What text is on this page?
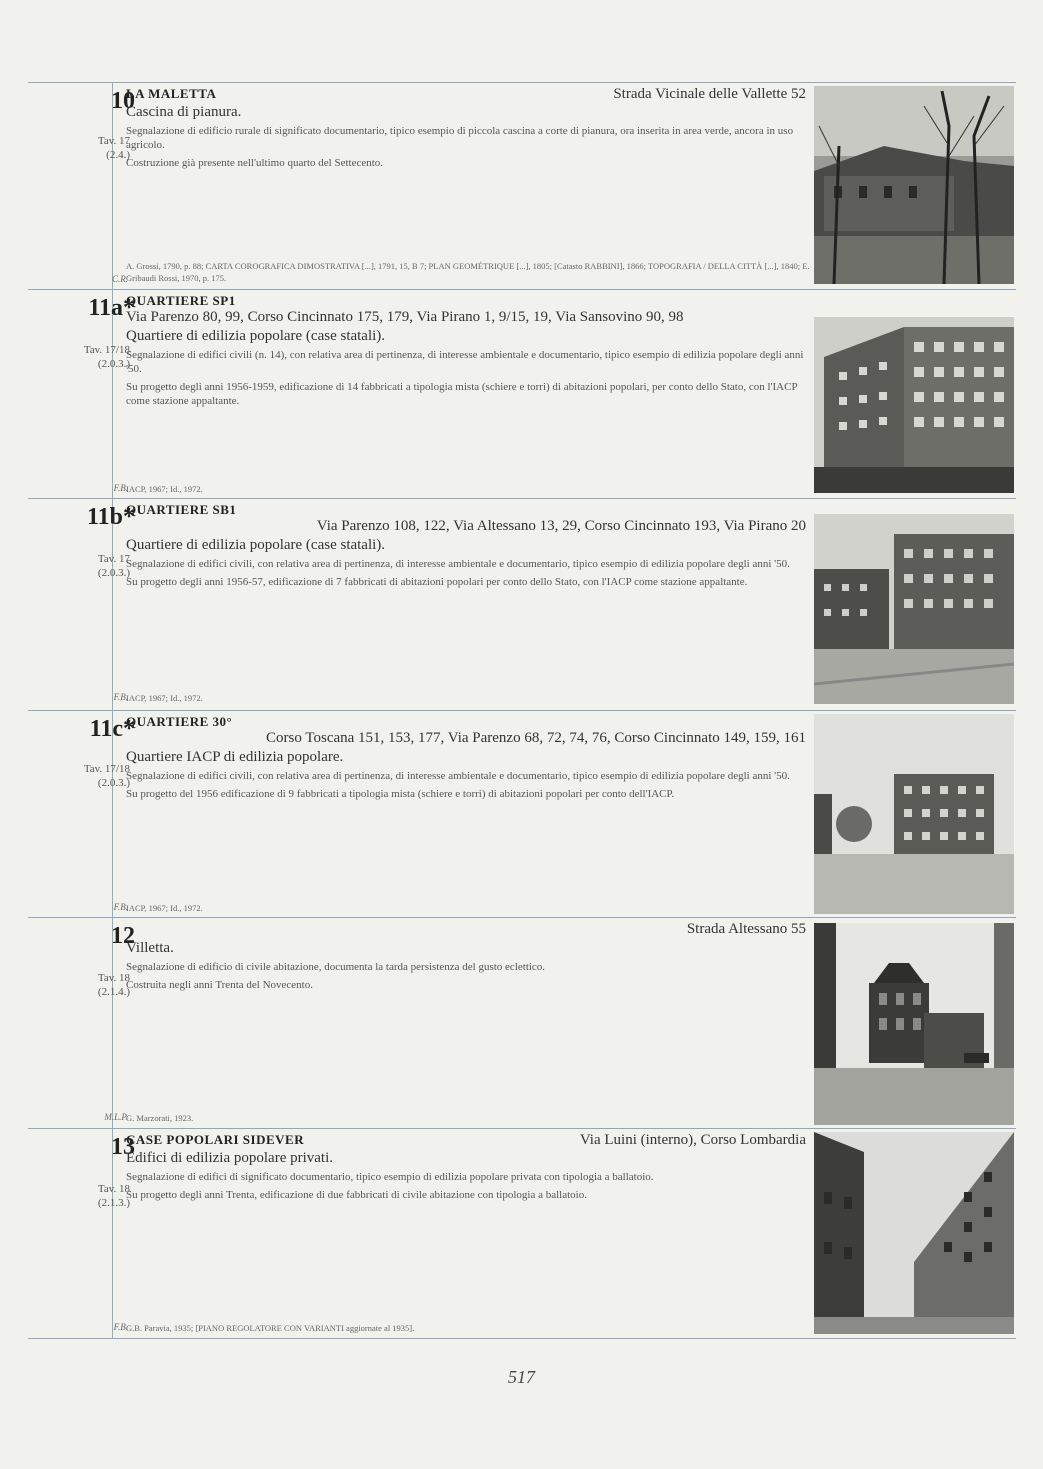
10
Tav. 17
(2.4.)
C.R.
LA MALETTA	Strada Vicinale delle Vallette 52
Cascina di pianura.

Segnalazione di edificio rurale di significato documentario, tipico esempio di piccola cascina a corte di pianura, ora inserita in area verde, ancora in uso agricolo.

Costruzione già presente nell'ultimo quarto del Settecento.

A. Grossi, 1790, p. 88; CARTA COROGRAFICA DIMOSTRATIVA [...], 1791, 15, B 7; PLAN GEOMÉTRIQUE [...], 1805; [Catasto RABBINI], 1866; TOPOGRAFIA / DELLA CITTÀ [...], 1840; E. Gribaudi Rossi, 1970, p. 175.
11a*
Tav. 17/18
(2.0.3.)
F.B.
QUARTIERE SP1
Via Parenzo 80, 99, Corso Cincinnato 175, 179, Via Pirano 1, 9/15, 19, Via Sansovino 90, 98
Quartiere di edilizia popolare (case statali).

Segnalazione di edifici civili (n. 14), con relativa area di pertinenza, di interesse ambientale e documentario, tipico esempio di edilizia popolare degli anni '50.

Su progetto degli anni 1956-1959, edificazione di 14 fabbricati a tipologia mista (schiere e torri) di abitazioni popolari, per conto dello Stato, con l'IACP come stazione appaltante.

IACP, 1967; Id., 1972.
11b*
Tav. 17
(2.0.3.)
F.B.
QUARTIERE SB1
Via Parenzo 108, 122, Via Altessano 13, 29, Corso Cincinnato 193, Via Pirano 20
Quartiere di edilizia popolare (case statali).

Segnalazione di edifici civili, con relativa area di pertinenza, di interesse ambientale e documentario, tipico esempio di edilizia popolare degli anni '50.

Su progetto degli anni 1956-57, edificazione di 7 fabbricati di abitazioni popolari per conto dello Stato, con l'IACP come stazione appaltante.

IACP, 1967; Id., 1972.
11c*
Tav. 17/18
(2.0.3.)
F.B.
QUARTIERE 30°
Corso Toscana 151, 153, 177, Via Parenzo 68, 72, 74, 76, Corso Cincinnato 149, 159, 161
Quartiere IACP di edilizia popolare.

Segnalazione di edifici civili, con relativa area di pertinenza, di interesse ambientale e documentario, tipico esempio di edilizia popolare degli anni '50.

Su progetto del 1956 edificazione di 9 fabbricati a tipologia mista (schiere e torri) di abitazioni popolari per conto dell'IACP.

IACP, 1967; Id., 1972.
12
Tav. 18
(2.1.4.)
M.L.P.
Strada Altessano 55
Villetta.

Segnalazione di edificio di civile abitazione, documenta la tarda persistenza del gusto eclettico.

Costruita negli anni Trenta del Novecento.

G. Marzorati, 1923.
13
Tav. 18
(2.1.3.)
F.B.
CASE POPOLARI SIDEVER	Via Luini (interno), Corso Lombardia
Edifici di edilizia popolare privati.

Segnalazione di edifici di significato documentario, tipico esempio di edilizia popolare privata con tipologia a ballatoio.

Su progetto degli anni Trenta, edificazione di due fabbricati di civile abitazione con tipologia a ballatoio.

G.B. Paravia, 1935; [PIANO REGOLATORE CON VARIANTI aggiornate al 1935].
517
